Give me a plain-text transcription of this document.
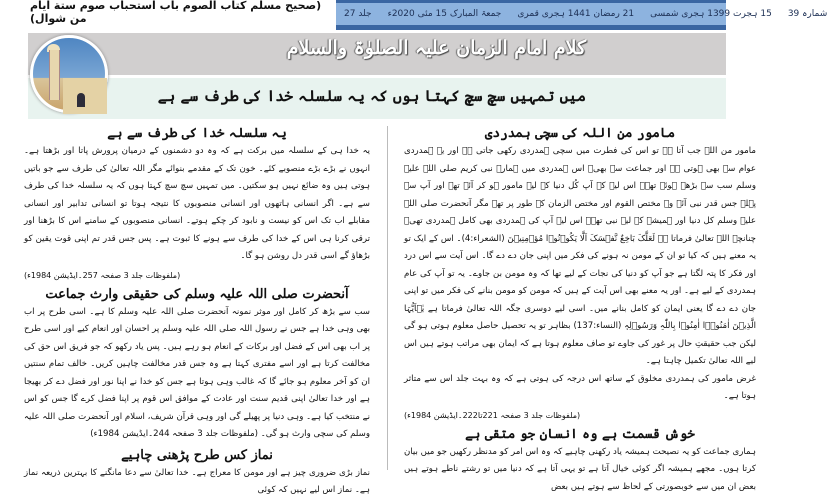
(صحیح مسلم کتاب الصوم باب استحباب صوم ستة ایام من شوال)	جلد 27	جمعۃ المبارک 15 مئی 2020ء	21 رمضان 1441 ہجری قمری	15 ہجرت 1399 ہجری شمسی	شمارہ 39
کلام امام الزمان علیہ الصلوٰۃ والسلام
میں تمہیں سچ سچ کہتا ہوں کہ یہ سلسلہ خدا کی طرف سے ہے
مامور من اللہ کی سچی ہمدردی

مامور من اللہ جب آتا ہے تو اس کی فطرت میں سچی ہمدردی رکھی جاتی ہے اور یہ ہمدردی عوام سے بھی ہوتی ہے اور جماعت سے بھی۔ اس ہمدردی میں ہمارے نبی کریم صلی اللہ علیہ وسلم سب سے بڑھے ہوئے تھے۔ اس لیے کہ آپ کُل دنیا کے لیے مامور ہو کر آئے تھے اور آپ سے پہلے جس قدر نبی آئے وہ مختص القوم اور مختص الزمان کے طور پر تھے مگر آنحضرت صلی اللہ علیہ وسلم کل دنیا اور ہمیشہ کے لیے نبی تھے۔ اس لیے آپ کی ہمدردی بھی کامل ہمدردی تھی۔ چنانچہ اللہ تعالیٰ فرماتا ہے لَعَلَّکَ بَاخِعٌ نَّفۡسَکَ اَلَّا یَکُوۡنُوۡا مُؤۡمِنِیۡنَ (الشعراء:4)۔ اس کے ایک تو یہ معنے ہیں کہ کیا تو ان کے مومن نہ ہونے کی فکر میں اپنی جان دے دے گا۔ اس آیت سے اس درد اور فکر کا پتہ لگتا ہے جو آپ کو دنیا کی نجات کے لیے تھا کہ وہ مومن بن جاوے۔ یہ تو آپ کی عام ہمدردی کے لیے ہے۔ اور یہ معنے بھی اس آیت کے ہیں کہ مومن کو مومن بنانے کی فکر میں تو اپنی جان دے دے گا یعنی ایمان کو کامل بنانے میں۔ اسی لیے دوسری جگہ اللہ تعالیٰ فرماتا ہے یٰۤاَیُّہَا الَّذِیۡنَ اٰمَنُوۡۤا اٰمِنُوۡا بِاللّٰہِ وَرَسُوۡلِہٖ (النساء:137) بظاہر تو یہ تحصیل حاصل معلوم ہوتی ہو گی لیکن جب حقیقتِ حال پر غور کی جاوے تو صاف معلوم ہوتا ہے کہ ایمان بھی مراتب ہوتے ہیں اس لیے اللہ تعالیٰ تکمیل چاہتا ہے۔

غرض مامور کی ہمدردی مخلوق کے ساتھ اس درجہ کی ہوتی ہے کہ وہ بہت جلد اس سے متاثر ہوتا ہے۔

(ملفوظات جلد 3 صفحہ 221تا222۔ایڈیشن 1984ء)
خوش قسمت ہے وہ انسان جو متقی ہے

ہماری جماعت کو یہ نصیحت ہمیشہ یاد رکھنی چاہیے کہ وہ اس امر کو مدنظر رکھیں جو میں بیان کرتا ہوں۔ مجھے ہمیشہ اگر کوئی خیال آتا ہے تو یہی آتا ہے کہ دنیا میں تو رشتے ناطے ہوتے ہیں بعض ان میں سے خوبصورتی کے لحاظ سے ہوتے ہیں بعض

یہ سلسلہ خدا کی طرف سے ہے

یہ خدا ہی کے سلسلہ میں برکت ہے کہ وہ دو دشمنوں کے درمیان پرورش پاتا اور بڑھتا ہے۔ انہوں نے بڑے بڑے منصوبے کئے۔ خون تک کے مقدمے بنوائے مگر اللہ تعالیٰ کی طرف سے جو باتیں ہوتی ہیں وہ ضائع نہیں ہو سکتیں۔ میں تمہیں سچ سچ کہتا ہوں کہ یہ سلسلہ خدا کی طرف سے ہے۔ اگر انسانی ہاتھوں اور انسانی منصوبوں کا نتیجہ ہوتا تو انسانی تدابیر اور انسانی مقابلے اب تک اس کو نیست و نابود کر چکے ہوتے۔ انسانی منصوبوں کے سامنے اس کا بڑھنا اور ترقی کرنا ہی اس کے خدا کی طرف سے ہونے کا ثبوت ہے۔ پس جس قدر تم اپنی قوت یقین کو بڑھاؤ گے اسی قدر دل روشن ہو گا۔

(ملفوظات جلد 3 صفحہ 257۔ایڈیشن 1984ء)
آنحضرت صلی اللہ علیہ وسلم کی حقیقی وارث جماعت

سب سے بڑھ کر کامل اور موثر نمونہ آنحضرت صلی اللہ علیہ وسلم کا ہے۔ اسی طرح پر اب بھی وہی خدا ہے جس نے رسول اللہ صلی اللہ علیہ وسلم پر احسان اور انعام کیے اور اسی طرح پر اب بھی اس کے فضل اور برکات کے انعام ہو رہے ہیں۔ پس یاد رکھو کہ جو فریق اس حق کی مخالفت کرتا ہے اور اسے مفتری کہتا ہے وہ جس قدر مخالفت چاہیں کریں۔ خالف تمام سنتیں ان کو آخر معلوم ہو جائے گا کہ غالب وہی ہوتا ہے جس کو خدا نے اپنا نور اور فضل دے کر بھیجا ہے اور خدا تعالیٰ اپنی قدیم سنت اور عادت کے موافق اس قوم پر اپنا فضل کرے گا جس کو اس نے منتخب کیا ہے۔ وہی دنیا پر پھیلے گی اور وہی قرآن شریف، اسلام اور آنحضرت صلی اللہ علیہ وسلم کی سچی وارث ہو گی۔ (ملفوظات جلد 3 صفحہ 244۔ایڈیشن 1984ء)

نماز کس طرح پڑھنی چاہیے

نماز بڑی ضروری چیز ہے اور مومن کا معراج ہے۔ خدا تعالیٰ سے دعا مانگنے کا بہترین ذریعہ نماز ہے۔ نماز اس لیے نہیں کہ کوئی
